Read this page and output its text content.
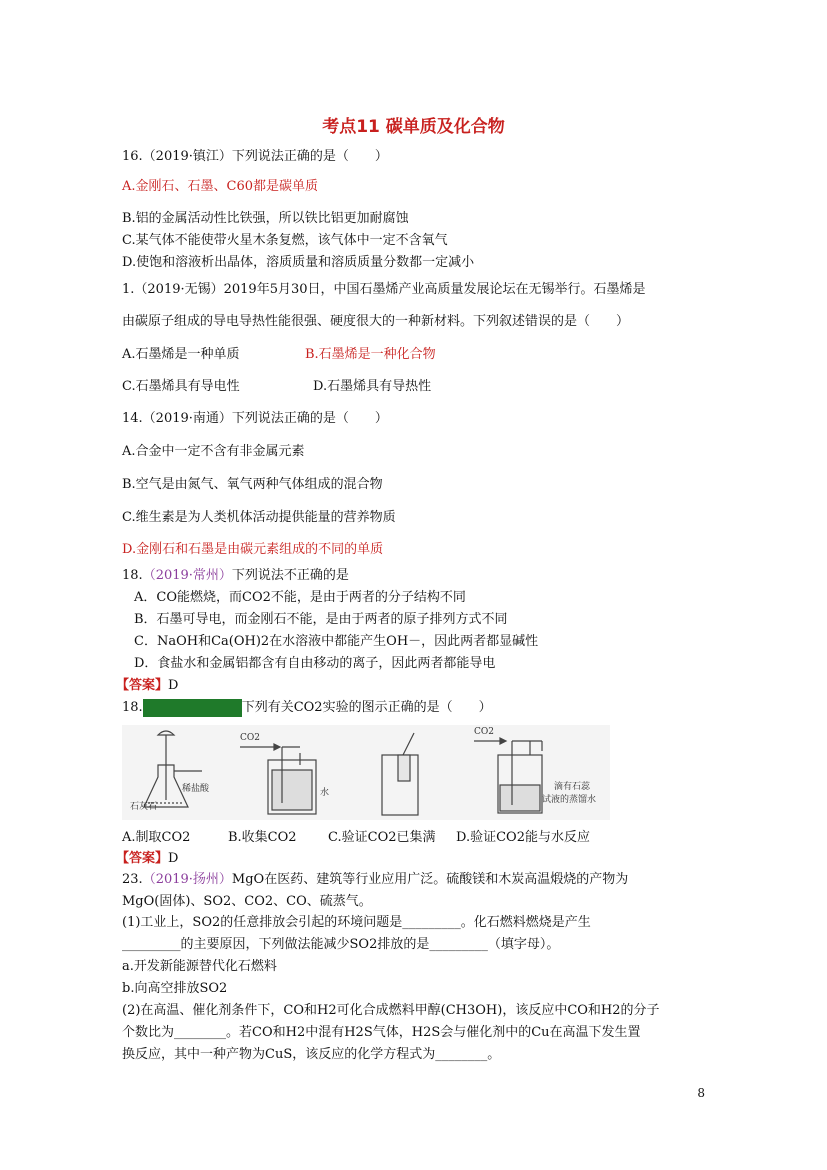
考点11 碳单质及化合物
16.（2019·镇江）下列说法正确的是（　　）
A.金刚石、石墨、C60都是碳单质
B.铝的金属活动性比铁强，所以铁比铝更加耐腐蚀
C.某气体不能使带火星木条复燃，该气体中一定不含氧气
D.使饱和溶液析出晶体，溶质质量和溶质质量分数都一定减小
1.（2019·无锡）2019年5月30日，中国石墨烯产业高质量发展论坛在无锡举行。石墨烯是
由碳原子组成的导电导热性能很强、硬度很大的一种新材料。下列叙述错误的是（　　）
A.石墨烯是一种单质	B.石墨烯是一种化合物
C.石墨烯具有导电性	D.石墨烯具有导热性
14.（2019·南通）下列说法正确的是（　　）
A.合金中一定不含有非金属元素
B.空气是由氮气、氧气两种气体组成的混合物
C.维生素是为人类机体活动提供能量的营养物质
D.金刚石和石墨是由碳元素组成的不同的单质
18.（2019·常州）下列说法不正确的是
A．CO能燃烧，而CO2不能，是由于两者的分子结构不同
B．石墨可导电，而金刚石不能，是由于两者的原子排列方式不同
C．NaOH和Ca(OH)2在水溶液中都能产生OH－，因此两者都显碱性
D．食盐水和金属铝都含有自由移动的离子，因此两者都能导电
【答案】D
18.	下列有关CO2实验的图示正确的是（　　）
石灰石
稀盐酸
CO2
水
CO2
滴有石蕊
试液的蒸馏水
A.制取CO2	B.收集CO2 C.验证CO2已集满 D.验证CO2能与水反应
【答案】D
23.（2019·扬州）MgO在医药、建筑等行业应用广泛。硫酸镁和木炭高温煅烧的产物为
MgO(固体)、SO2、CO2、CO、硫蒸气。
(1)工业上，SO2的任意排放会引起的环境问题是_________。化石燃料燃烧是产生
_________的主要原因，下列做法能减少SO2排放的是_________（填字母）。
a.开发新能源替代化石燃料
b.向高空排放SO2
(2)在高温、催化剂条件下，CO和H2可化合成燃料甲醇(CH3OH)，该反应中CO和H2的分子
个数比为________。若CO和H2中混有H2S气体，H2S会与催化剂中的Cu在高温下发生置
换反应，其中一种产物为CuS，该反应的化学方程式为________。
8
